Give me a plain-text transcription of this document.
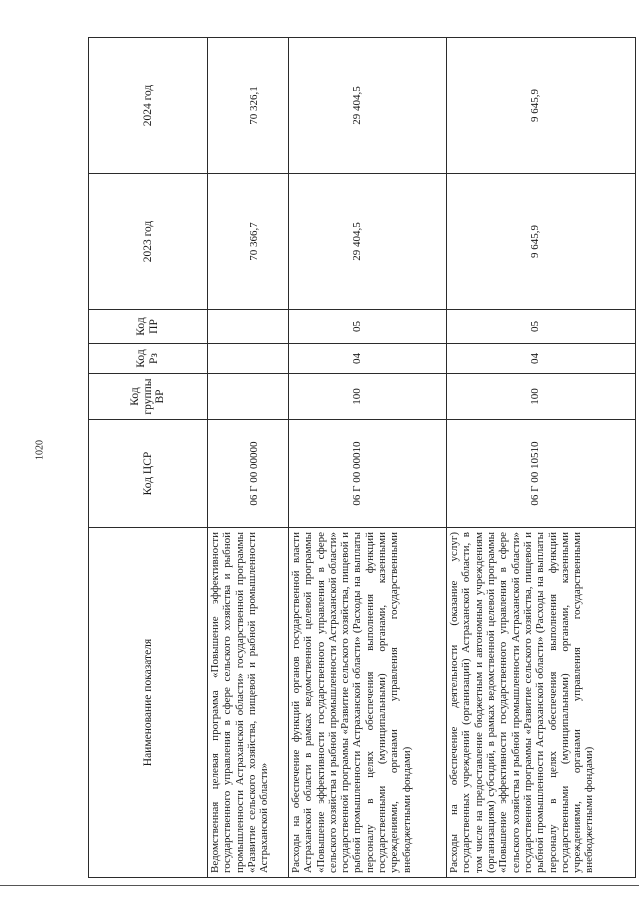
1020
Наименование показателя	Код ЦСР	Код группы ВР	Код Рз	Код ПР	2023 год	2024 год
Ведомственная целевая программа «Повышение эффективности государственного управления в сфере сельского хозяйства и рыбной промышленности Астраханской области» государственной программы «Развитие сельского хозяйства, пищевой и рыбной промышленности Астраханской области»	06 Г 00 00000				70 366,7	70 326,1
Расходы на обеспечение функций органов государственной власти Астраханской области в рамках ведомственной целевой программы «Повышение эффективности государственного управления в сфере сельского хозяйства и рыбной промышленности Астраханской области» государственной программы «Развитие сельского хозяйства, пищевой и рыбной промышленности Астраханской области» (Расходы на выплаты персоналу в целях обеспечения выполнения функций государственными (муниципальными) органами, казенными учреждениями, органами управления государственными внебюджетными фондами)	06 Г 00 00010	100	04	05	29 404,5	29 404,5
Расходы на обеспечение деятельности (оказание услуг) государственных учреждений (организаций) Астраханской области, в том числе на предоставление бюджетным и автономным учреждениям (организациям) субсидий, в рамках ведомственной целевой программы «Повышение эффективности государственного управления в сфере сельского хозяйства и рыбной промышленности Астраханской области» государственной программы «Развитие сельского хозяйства, пищевой и рыбной промышленности Астраханской области» (Расходы на выплаты персоналу в целях обеспечения выполнения функций государственными (муниципальными) органами, казенными учреждениями, органами управления государственными внебюджетными фондами)	06 Г 00 10510	100	04	05	9 645,9	9 645,9
